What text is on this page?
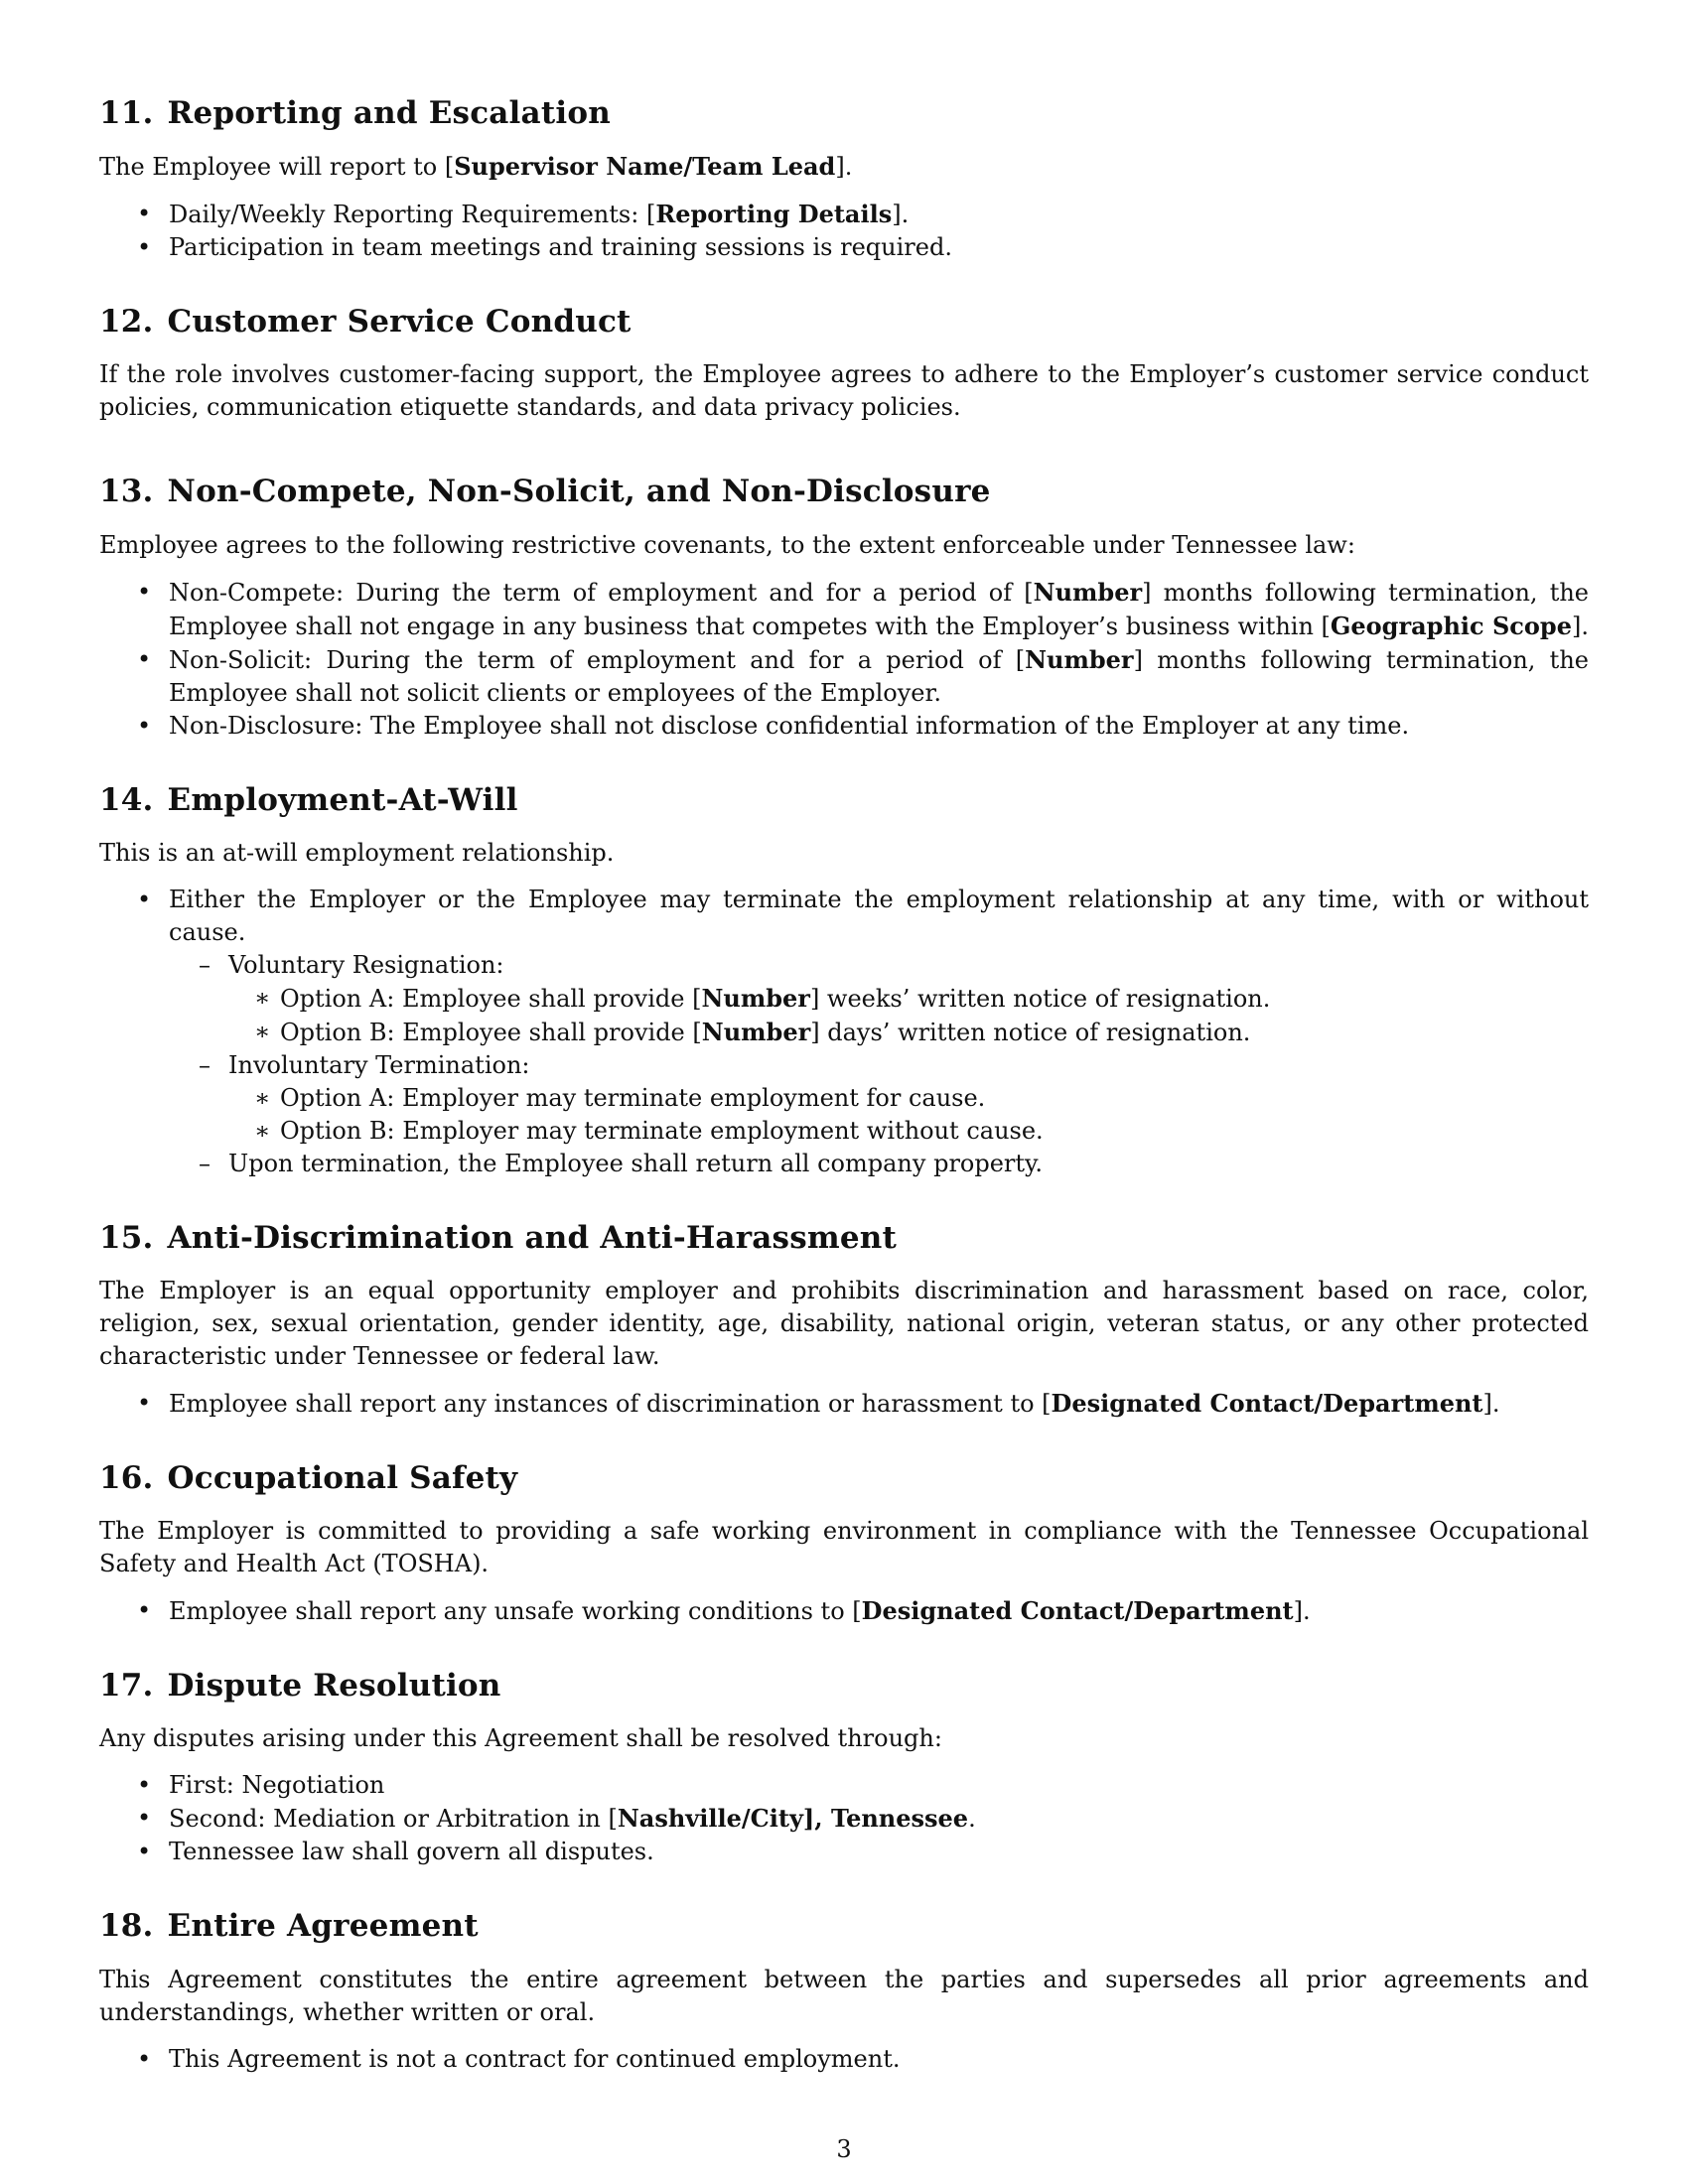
11. Reporting and Escalation

The Employee will report to [Supervisor Name/Team Lead].

• Daily/Weekly Reporting Requirements: [Reporting Details].
• Participation in team meetings and training sessions is required.
12. Customer Service Conduct

If the role involves customer-facing support, the Employee agrees to adhere to the Employer’s customer service conduct policies, communication etiquette standards, and data privacy policies.

13. Non-Compete, Non-Solicit, and Non-Disclosure

Employee agrees to the following restrictive covenants, to the extent enforceable under Tennessee law:

• Non-Compete: During the term of employment and for a period of [Number] months following termination, the Employee shall not engage in any business that competes with the Employer’s business within [Geographic Scope].
• Non-Solicit: During the term of employment and for a period of [Number] months following termination, the Employee shall not solicit clients or employees of the Employer.
• Non-Disclosure: The Employee shall not disclose confidential information of the Employer at any time.
14. Employment-At-Will

This is an at-will employment relationship.

• Either the Employer or the Employee may terminate the employment relationship at any time, with or without cause.
– Voluntary Resignation:
∗ Option A: Employee shall provide [Number] weeks’ written notice of resignation.
∗ Option B: Employee shall provide [Number] days’ written notice of resignation.
– Involuntary Termination:
∗ Option A: Employer may terminate employment for cause.
∗ Option B: Employer may terminate employment without cause.
– Upon termination, the Employee shall return all company property.
15. Anti-Discrimination and Anti-Harassment

The Employer is an equal opportunity employer and prohibits discrimination and harassment based on race, color, religion, sex, sexual orientation, gender identity, age, disability, national origin, veteran status, or any other protected characteristic under Tennessee or federal law.

• Employee shall report any instances of discrimination or harassment to [Designated Contact/Department].
16. Occupational Safety

The Employer is committed to providing a safe working environment in compliance with the Tennessee Occupational Safety and Health Act (TOSHA).

• Employee shall report any unsafe working conditions to [Designated Contact/Department].
17. Dispute Resolution

Any disputes arising under this Agreement shall be resolved through:

• First: Negotiation
• Second: Mediation or Arbitration in [Nashville/City], Tennessee.
• Tennessee law shall govern all disputes.
18. Entire Agreement

This Agreement constitutes the entire agreement between the parties and supersedes all prior agreements and understandings, whether written or oral.

• This Agreement is not a contract for continued employment.
3
